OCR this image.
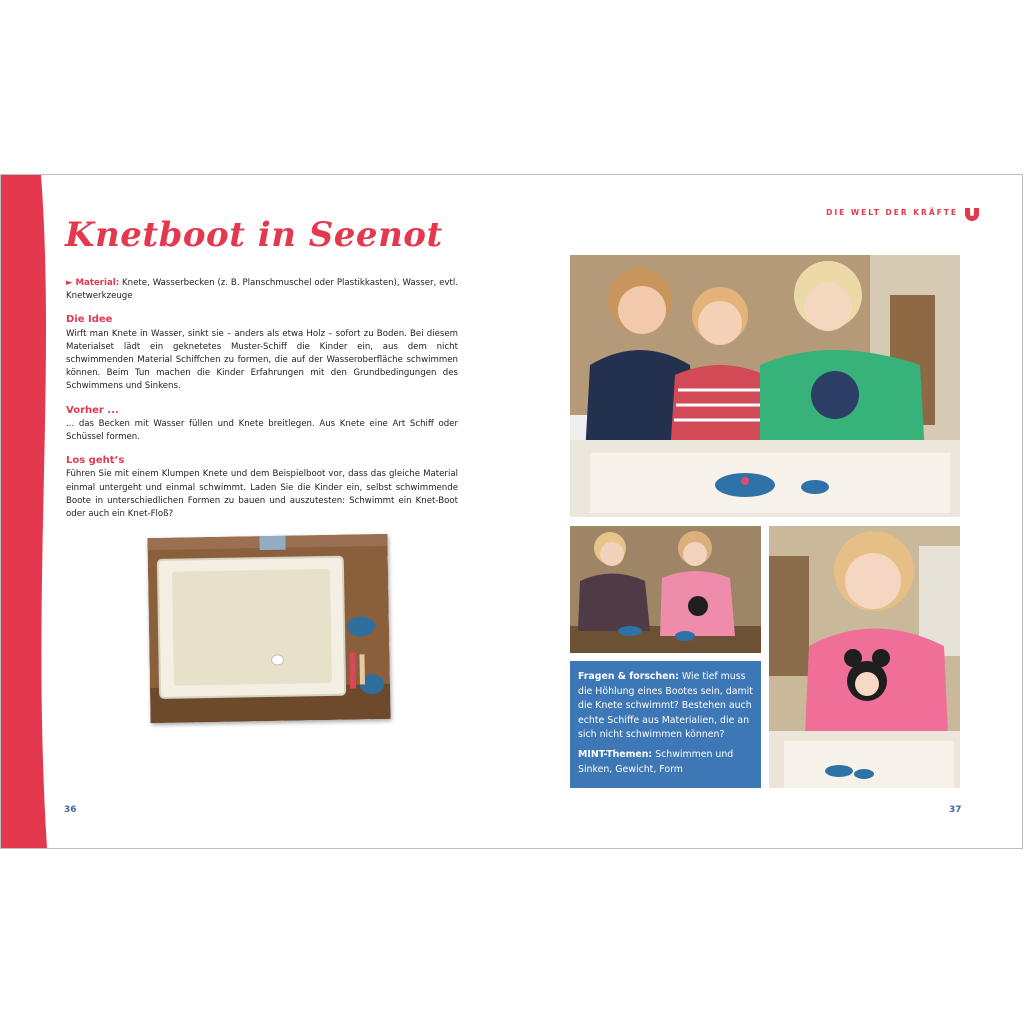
Knetboot in Seenot

► Material: Knete, Wasserbecken (z. B. Planschmuschel oder Plastikkasten), Wasser, evtl. Knetwerkzeuge

Die Idee

Wirft man Knete in Wasser, sinkt sie – anders als etwa Holz – sofort zu Boden. Bei diesem Materialset lädt ein geknetetes Muster-Schiff die Kinder ein, aus dem nicht schwimmenden Material Schiffchen zu formen, die auf der Wasseroberfläche schwimmen können. Beim Tun machen die Kinder Erfahrungen mit den Grundbedingungen des Schwimmens und Sinkens.

Vorher ...

... das Becken mit Wasser füllen und Knete breitlegen. Aus Knete eine Art Schiff oder Schüssel formen.

Los geht’s

Führen Sie mit einem Klumpen Knete und dem Beispielboot vor, dass das gleiche Material einmal untergeht und einmal schwimmt. Laden Sie die Kinder ein, selbst schwimmende Boote in unterschiedlichen Formen zu bauen und auszutesten: Schwimmt ein Knet-Boot oder auch ein Knet-Floß?

36
DIE WELT DER KRÄFTE

Fragen & forschen: Wie tief muss die Höhlung eines Bootes sein, damit die Knete schwimmt? Bestehen auch echte Schiffe aus Materialien, die an sich nicht schwimmen können?

MINT-Themen: Schwimmen und Sinken, Gewicht, Form

37
